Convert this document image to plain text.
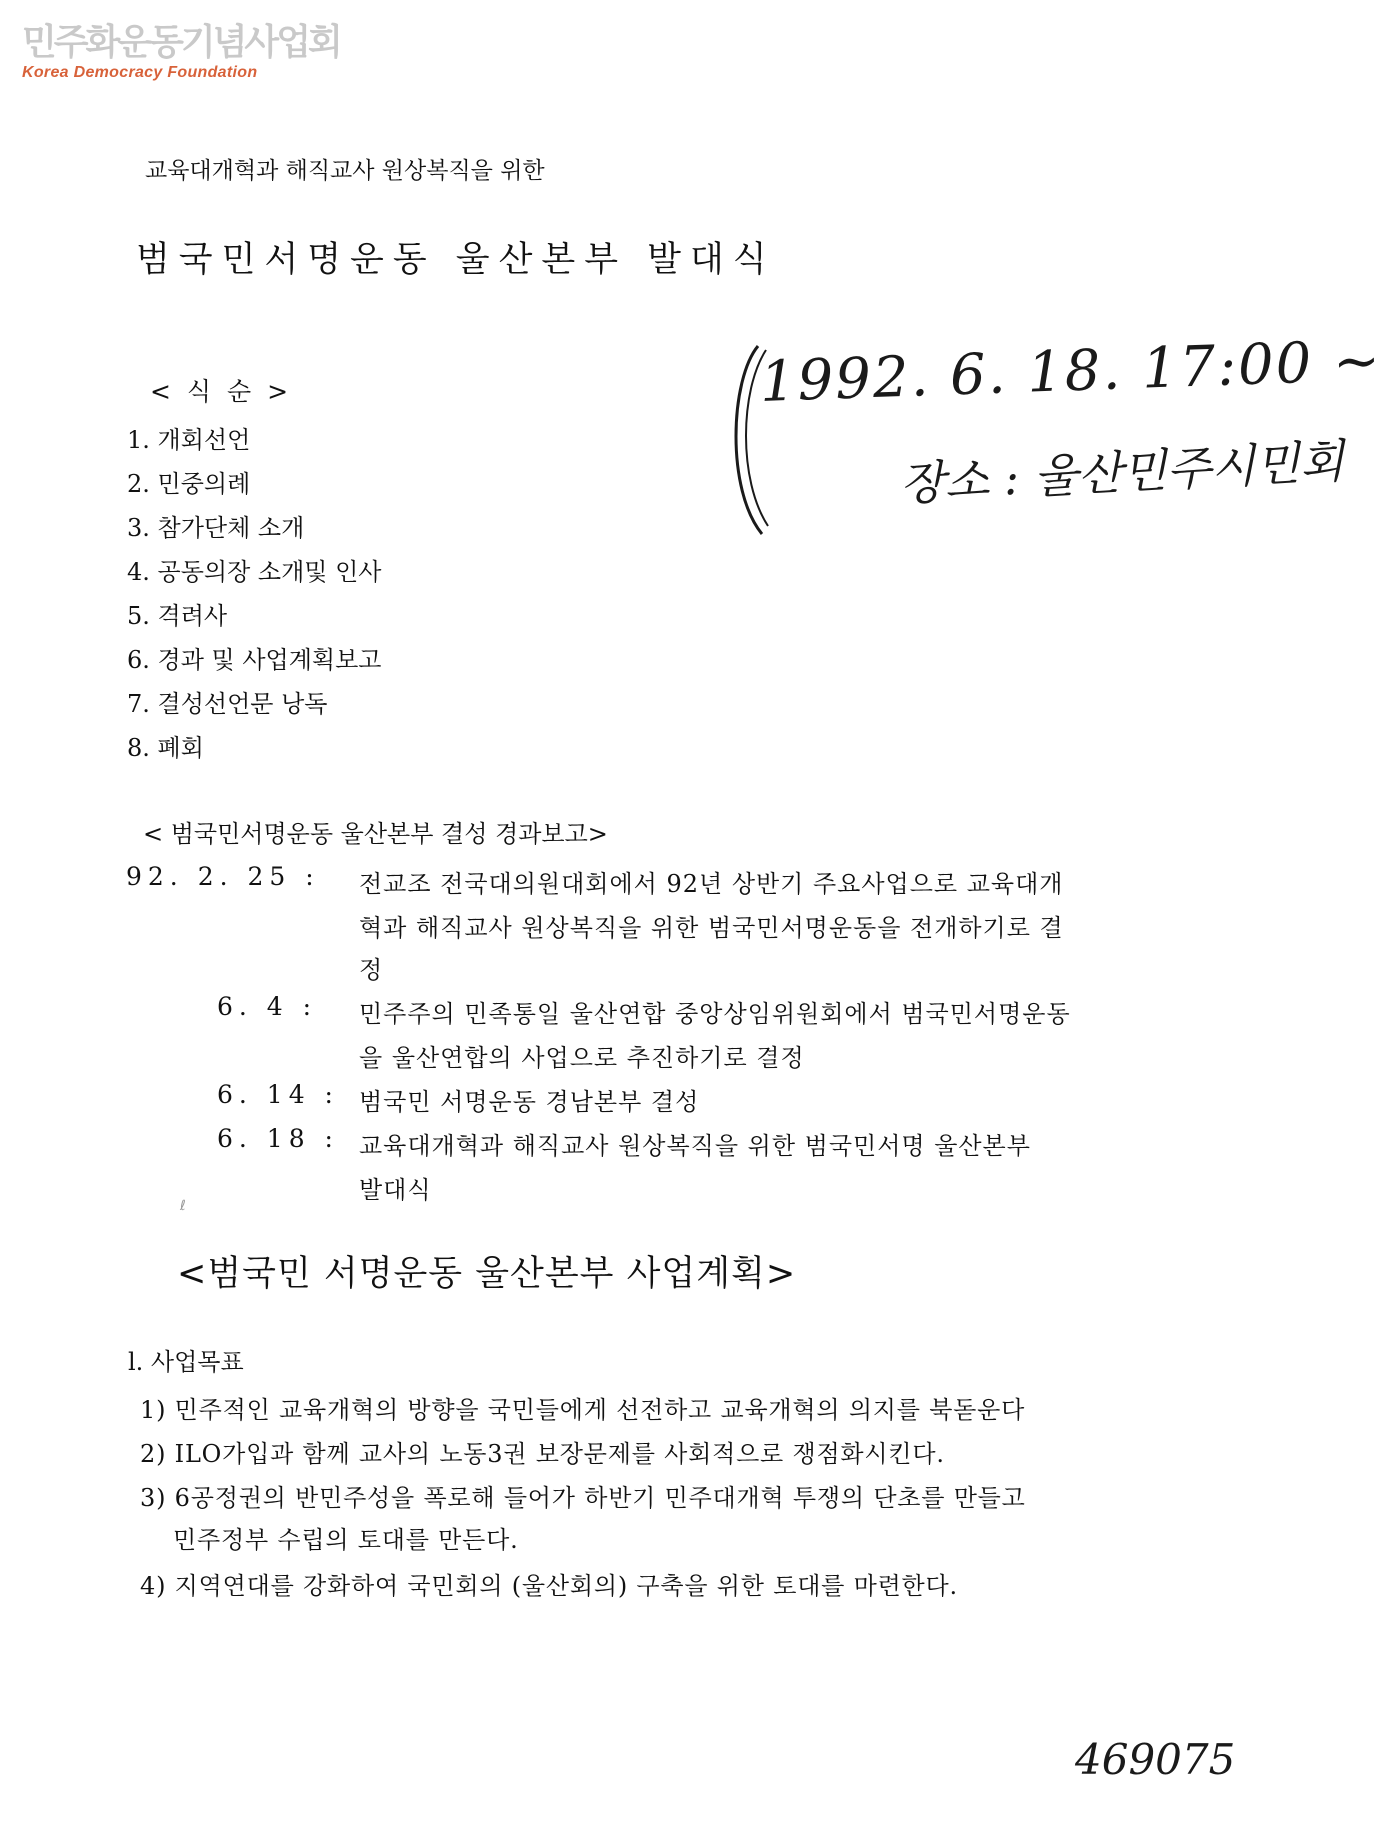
민주화운동기념사업회
Korea Democracy Foundation
교육대개혁과 해직교사 원상복직을 위한
범국민서명운동 울산본부 발대식
< 식 순 >
1. 개회선언
2. 민중의례
3. 참가단체 소개
4. 공동의장 소개및 인사
5. 격려사
6. 경과 및 사업계획보고
7. 결성선언문 낭독
8. 폐회
1992. 6. 18. 17:00 ~
장소 : 울산민주시민회
< 범국민서명운동 울산본부 결성 경과보고>
92. 2. 25 : 전교조 전국대의원대회에서 92년 상반기 주요사업으로 교육대개
혁과 해직교사 원상복직을 위한 범국민서명운동을 전개하기로 결
정
6. 4 : 민주주의 민족통일 울산연합 중앙상임위원회에서 범국민서명운동
을 울산연합의 사업으로 추진하기로 결정
6. 14 : 범국민 서명운동 경남본부 결성
6. 18 : 교육대개혁과 해직교사 원상복직을 위한 범국민서명 울산본부
발대식
ℓ
<범국민 서명운동 울산본부 사업계획>
l. 사업목표
1) 민주적인 교육개혁의 방향을 국민들에게 선전하고 교육개혁의 의지를 북돋운다
2) ILO가입과 함께 교사의 노동3권 보장문제를 사회적으로 쟁점화시킨다.
3) 6공정권의 반민주성을 폭로해 들어가 하반기 민주대개혁 투쟁의 단초를 만들고
민주정부 수립의 토대를 만든다.
4) 지역연대를 강화하여 국민회의 (울산회의) 구축을 위한 토대를 마련한다.
469075
